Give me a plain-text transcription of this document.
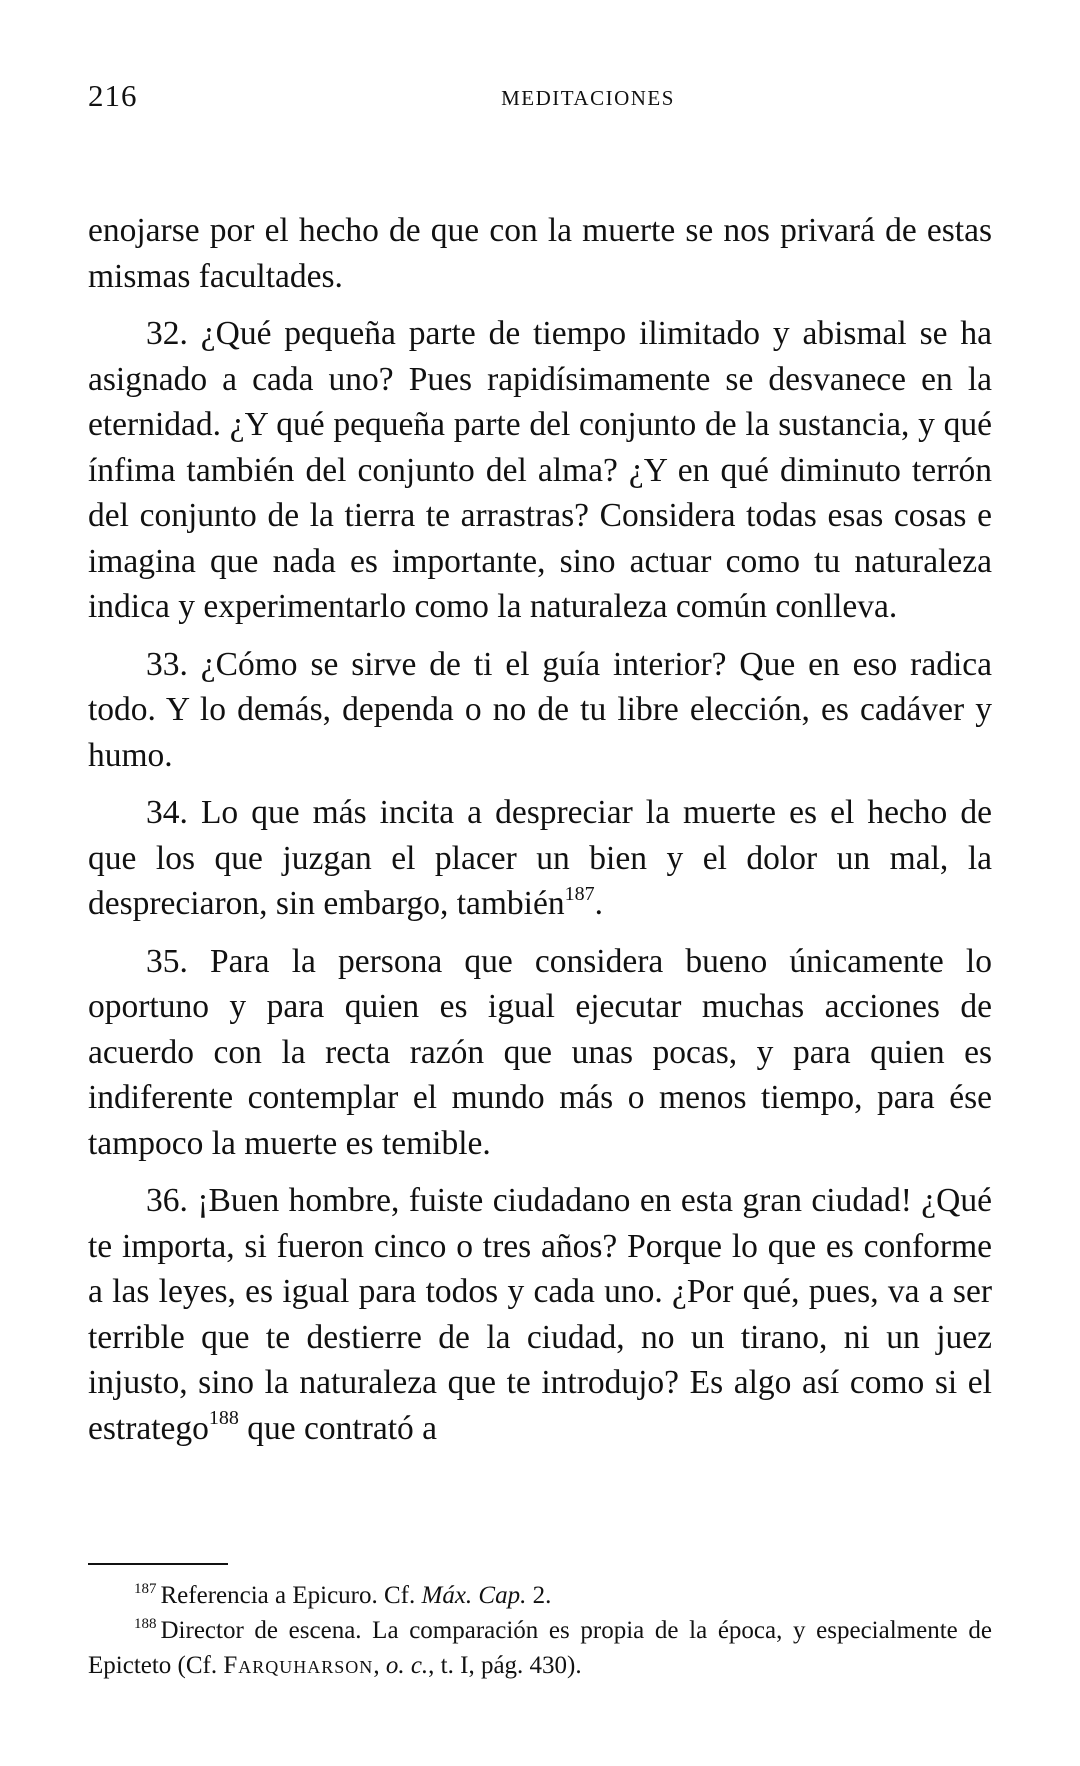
216	MEDITACIONES

enojarse por el hecho de que con la muerte se nos privará de estas mismas facultades.

32. ¿Qué pequeña parte de tiempo ilimitado y abismal se ha asignado a cada uno? Pues rapidísimamente se desvanece en la eternidad. ¿Y qué pequeña parte del conjunto de la sustancia, y qué ínfima también del conjunto del alma? ¿Y en qué diminuto terrón del conjunto de la tierra te arrastras? Considera todas esas cosas e imagina que nada es importante, sino actuar como tu naturaleza indica y experimentarlo como la naturaleza común conlleva.

33. ¿Cómo se sirve de ti el guía interior? Que en eso radica todo. Y lo demás, dependa o no de tu libre elección, es cadáver y humo.

34. Lo que más incita a despreciar la muerte es el hecho de que los que juzgan el placer un bien y el dolor un mal, la despreciaron, sin embargo, también$^{187}$.

35. Para la persona que considera bueno únicamente lo oportuno y para quien es igual ejecutar muchas acciones de acuerdo con la recta razón que unas pocas, y para quien es indiferente contemplar el mundo más o menos tiempo, para ése tampoco la muerte es temible.

36. ¡Buen hombre, fuiste ciudadano en esta gran ciudad! ¿Qué te importa, si fueron cinco o tres años? Porque lo que es conforme a las leyes, es igual para todos y cada uno. ¿Por qué, pues, va a ser terrible que te destierre de la ciudad, no un tirano, ni un juez injusto, sino la naturaleza que te introdujo? Es algo así como si el estratego$^{188}$ que contrató a

$^{187}$ Referencia a Epicuro. Cf. Máx. Cap. 2.

$^{188}$ Director de escena. La comparación es propia de la época, y especialmente de Epicteto (Cf. Farquharson, o. c., t. I, pág. 430).
